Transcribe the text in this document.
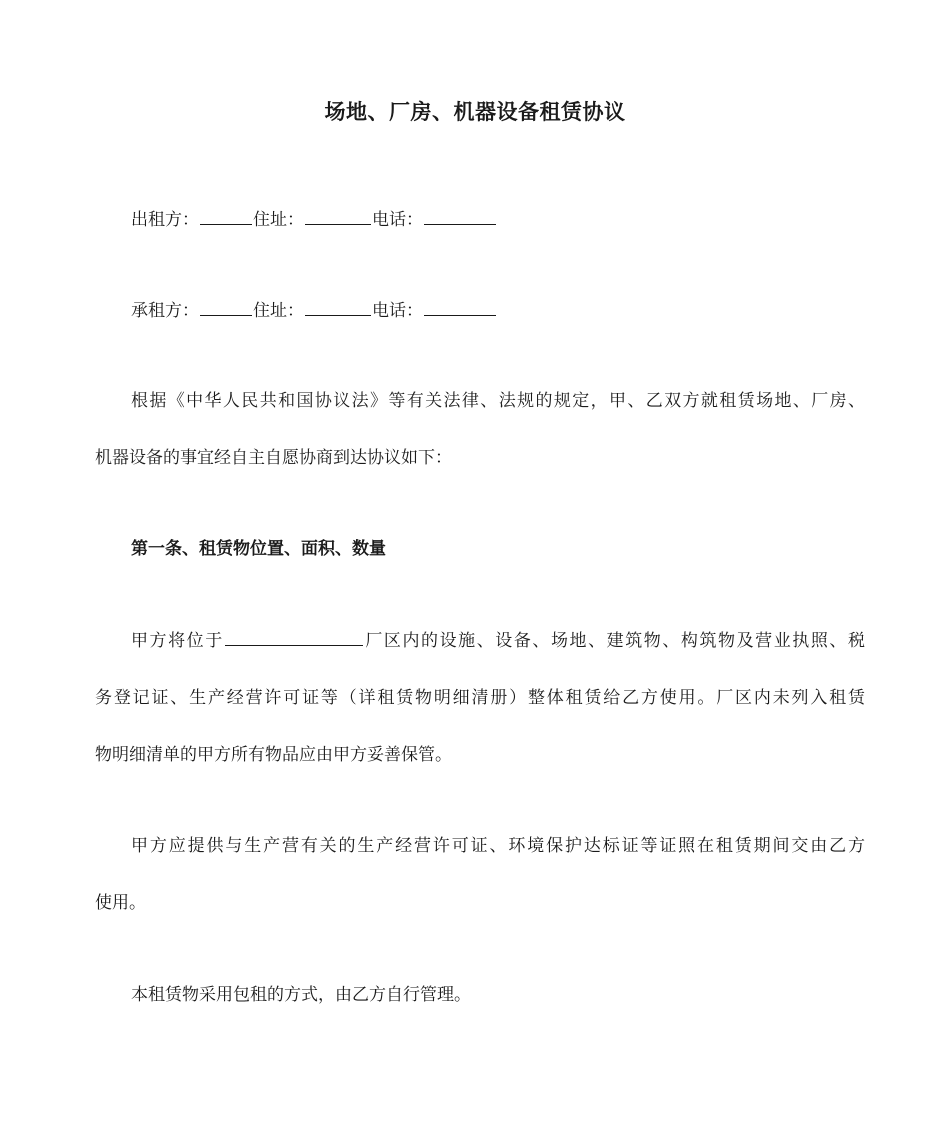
场地、厂房、机器设备租赁协议
出租方：	住址：	电话：
承租方：	住址：	电话：
根据《中华人民共和国协议法》等有关法律、法规的规定，甲、乙双方就租赁场地、厂房、
机器设备的事宜经自主自愿协商到达协议如下：
第一条、租赁物位置、面积、数量
甲方将位于	厂区内的设施、设备、场地、建筑物、构筑物及营业执照、税
务登记证、生产经营许可证等（详租赁物明细清册）整体租赁给乙方使用。厂区内未列入租赁
物明细清单的甲方所有物品应由甲方妥善保管。
甲方应提供与生产营有关的生产经营许可证、环境保护达标证等证照在租赁期间交由乙方
使用。
本租赁物采用包租的方式，由乙方自行管理。
